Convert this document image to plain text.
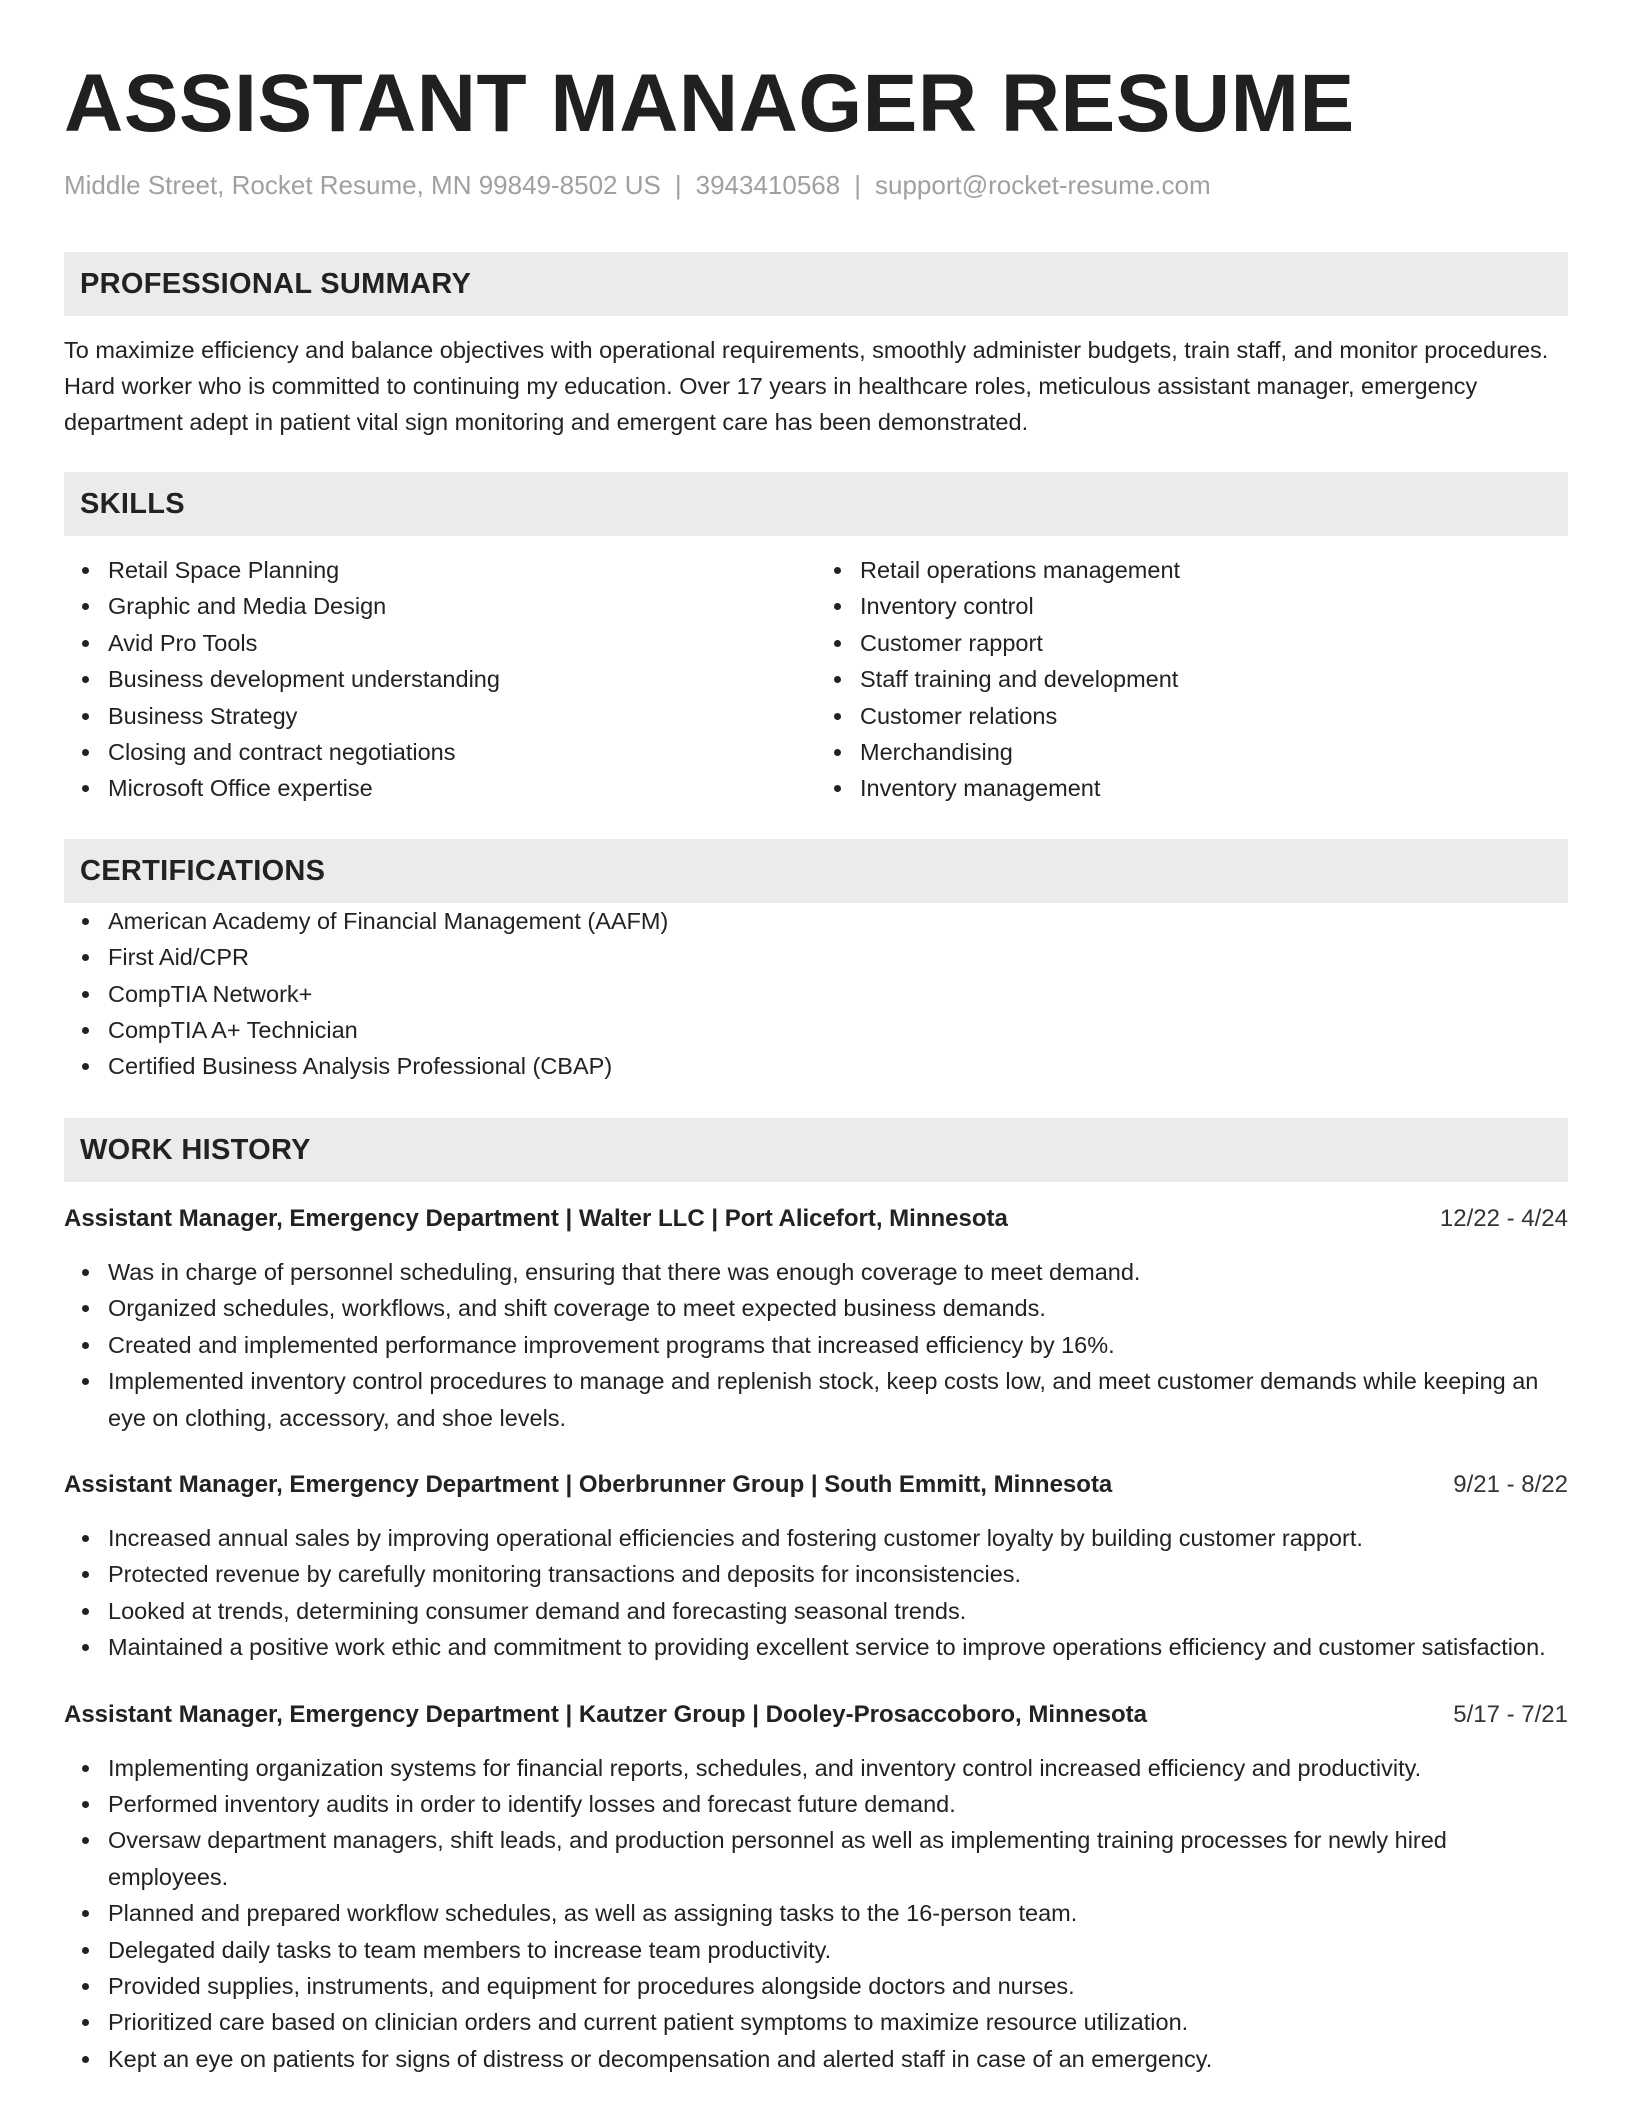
ASSISTANT MANAGER RESUME
Middle Street, Rocket Resume, MN 99849-8502 US | 3943410568 | support@rocket-resume.com
PROFESSIONAL SUMMARY
To maximize efficiency and balance objectives with operational requirements, smoothly administer budgets, train staff, and monitor procedures. Hard worker who is committed to continuing my education. Over 17 years in healthcare roles, meticulous assistant manager, emergency department adept in patient vital sign monitoring and emergent care has been demonstrated.
SKILLS
Retail Space Planning
Graphic and Media Design
Avid Pro Tools
Business development understanding
Business Strategy
Closing and contract negotiations
Microsoft Office expertise
Retail operations management
Inventory control
Customer rapport
Staff training and development
Customer relations
Merchandising
Inventory management
CERTIFICATIONS
American Academy of Financial Management (AAFM)
First Aid/CPR
CompTIA Network+
CompTIA A+ Technician
Certified Business Analysis Professional (CBAP)
WORK HISTORY
Assistant Manager, Emergency Department | Walter LLC | Port Alicefort, Minnesota	12/22 - 4/24
Was in charge of personnel scheduling, ensuring that there was enough coverage to meet demand.
Organized schedules, workflows, and shift coverage to meet expected business demands.
Created and implemented performance improvement programs that increased efficiency by 16%.
Implemented inventory control procedures to manage and replenish stock, keep costs low, and meet customer demands while keeping an eye on clothing, accessory, and shoe levels.
Assistant Manager, Emergency Department | Oberbrunner Group | South Emmitt, Minnesota	9/21 - 8/22
Increased annual sales by improving operational efficiencies and fostering customer loyalty by building customer rapport.
Protected revenue by carefully monitoring transactions and deposits for inconsistencies.
Looked at trends, determining consumer demand and forecasting seasonal trends.
Maintained a positive work ethic and commitment to providing excellent service to improve operations efficiency and customer satisfaction.
Assistant Manager, Emergency Department | Kautzer Group | Dooley-Prosaccoboro, Minnesota	5/17 - 7/21
Implementing organization systems for financial reports, schedules, and inventory control increased efficiency and productivity.
Performed inventory audits in order to identify losses and forecast future demand.
Oversaw department managers, shift leads, and production personnel as well as implementing training processes for newly hired employees.
Planned and prepared workflow schedules, as well as assigning tasks to the 16-person team.
Delegated daily tasks to team members to increase team productivity.
Provided supplies, instruments, and equipment for procedures alongside doctors and nurses.
Prioritized care based on clinician orders and current patient symptoms to maximize resource utilization.
Kept an eye on patients for signs of distress or decompensation and alerted staff in case of an emergency.
